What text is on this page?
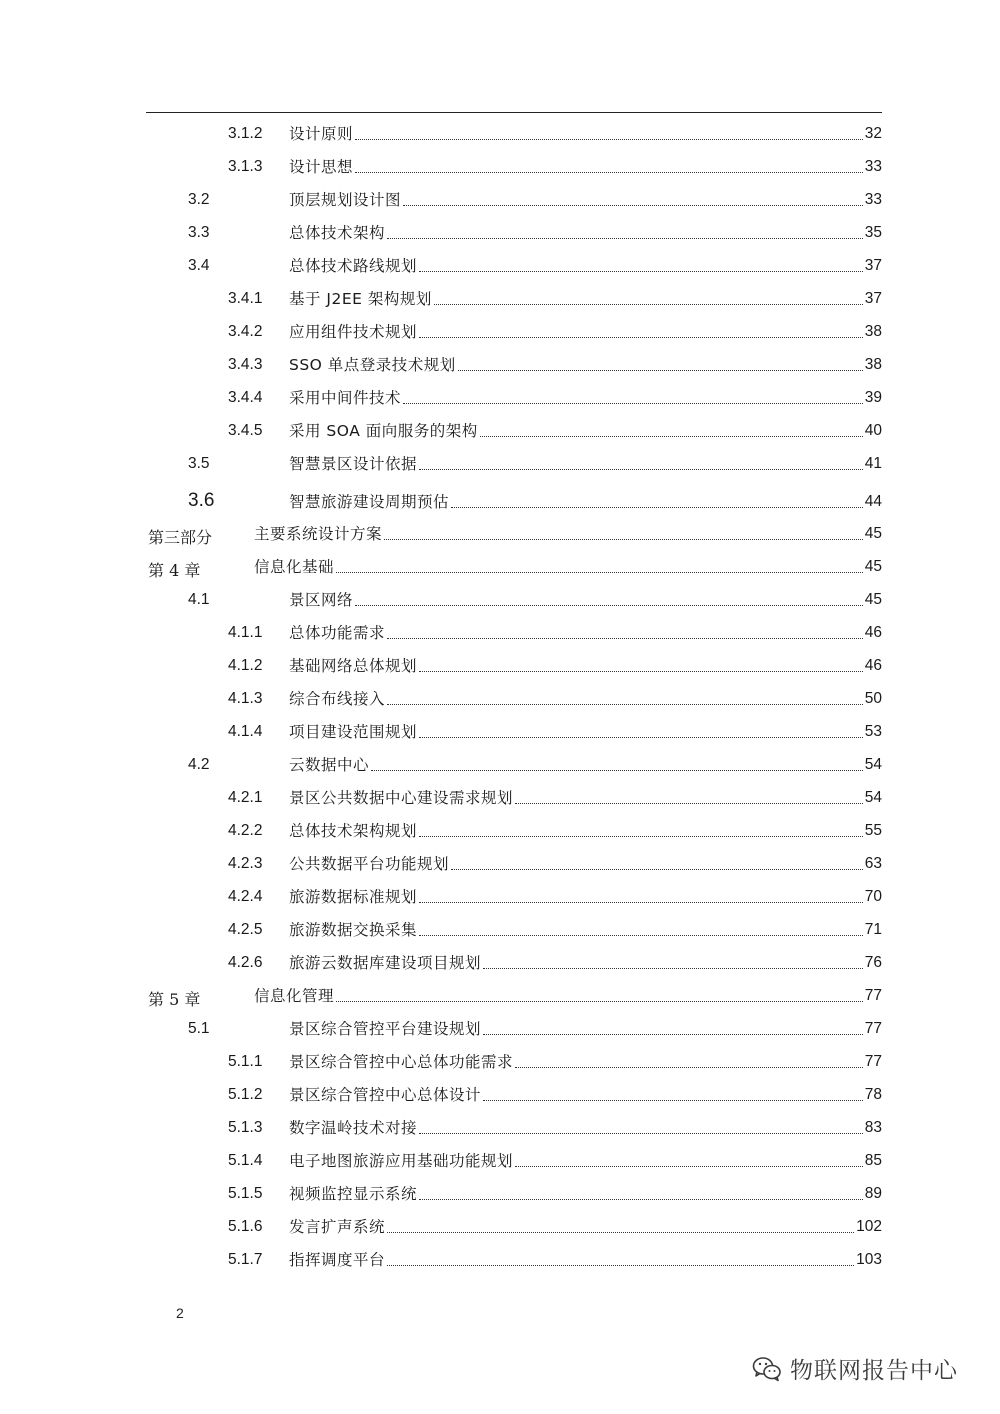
3.1.2 设计原则	32
3.1.3 设计思想	33
3.2	顶层规划设计图	33
3.3	总体技术架构	35
3.4	总体技术路线规划	37
3.4.1 基于 J2EE 架构规划	37
3.4.2 应用组件技术规划	38
3.4.3 SSO 单点登录技术规划	38
3.4.4 采用中间件技术	39
3.4.5 采用 SOA 面向服务的架构	40
3.5	智慧景区设计依据	41
3.6	智慧旅游建设周期预估	44
第三部分	主要系统设计方案	45
第 4 章	信息化基础	45
4.1	景区网络	45
4.1.1 总体功能需求	46
4.1.2 基础网络总体规划	46
4.1.3 综合布线接入	50
4.1.4 项目建设范围规划	53
4.2	云数据中心	54
4.2.1 景区公共数据中心建设需求规划	54
4.2.2 总体技术架构规划	55
4.2.3 公共数据平台功能规划	63
4.2.4 旅游数据标准规划	70
4.2.5 旅游数据交换采集	71
4.2.6 旅游云数据库建设项目规划	76
第 5 章	信息化管理	77
5.1	景区综合管控平台建设规划	77
5.1.1 景区综合管控中心总体功能需求	77
5.1.2 景区综合管控中心总体设计	78
5.1.3 数字温岭技术对接	83
5.1.4 电子地图旅游应用基础功能规划	85
5.1.5 视频监控显示系统	89
5.1.6 发言扩声系统	102
5.1.7 指挥调度平台	103
2
物联网报告中心
